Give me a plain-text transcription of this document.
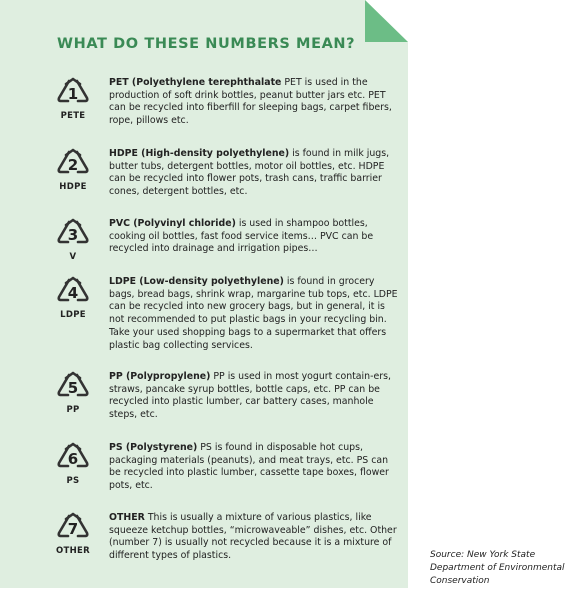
WHAT DO THESE NUMBERS MEAN?
1
PETE
PET (Polyethylene terephthalate PET is used in the production of soft drink bottles, peanut butter jars etc. PET can be recycled into fiberfill for sleeping bags, carpet fibers, rope, pillows etc.
2
HDPE
HDPE (High-density polyethylene) is found in milk jugs, butter tubs, detergent bottles, motor oil bottles, etc. HDPE can be recycled into flower pots, trash cans, traffic barrier cones, detergent bottles, etc.
3
V
PVC (Polyvinyl chloride) is used in shampoo bottles, cooking oil bottles, fast food service items… PVC can be recycled into drainage and irrigation pipes…
4
LDPE
LDPE (Low-density polyethylene) is found in grocery bags, bread bags, shrink wrap, margarine tub tops, etc. LDPE can be recycled into new grocery bags, but in general, it is not recommended to put plastic bags in your recycling bin. Take your used shopping bags to a supermarket that offers plastic bag collecting services.
5
PP
PP (Polypropylene) PP is used in most yogurt contain-ers, straws, pancake syrup bottles, bottle caps, etc. PP can be recycled into plastic lumber, car battery cases, manhole steps, etc.
6
PS
PS (Polystyrene) PS is found in disposable hot cups, packaging materials (peanuts), and meat trays, etc. PS can be recycled into plastic lumber, cassette tape boxes, flower pots, etc.
7
OTHER
OTHER This is usually a mixture of various plastics, like squeeze ketchup bottles, “microwaveable” dishes, etc. Other (number 7) is usually not recycled because it is a mixture of different types of plastics.	Source: New York State Department of Environmental Conservation
